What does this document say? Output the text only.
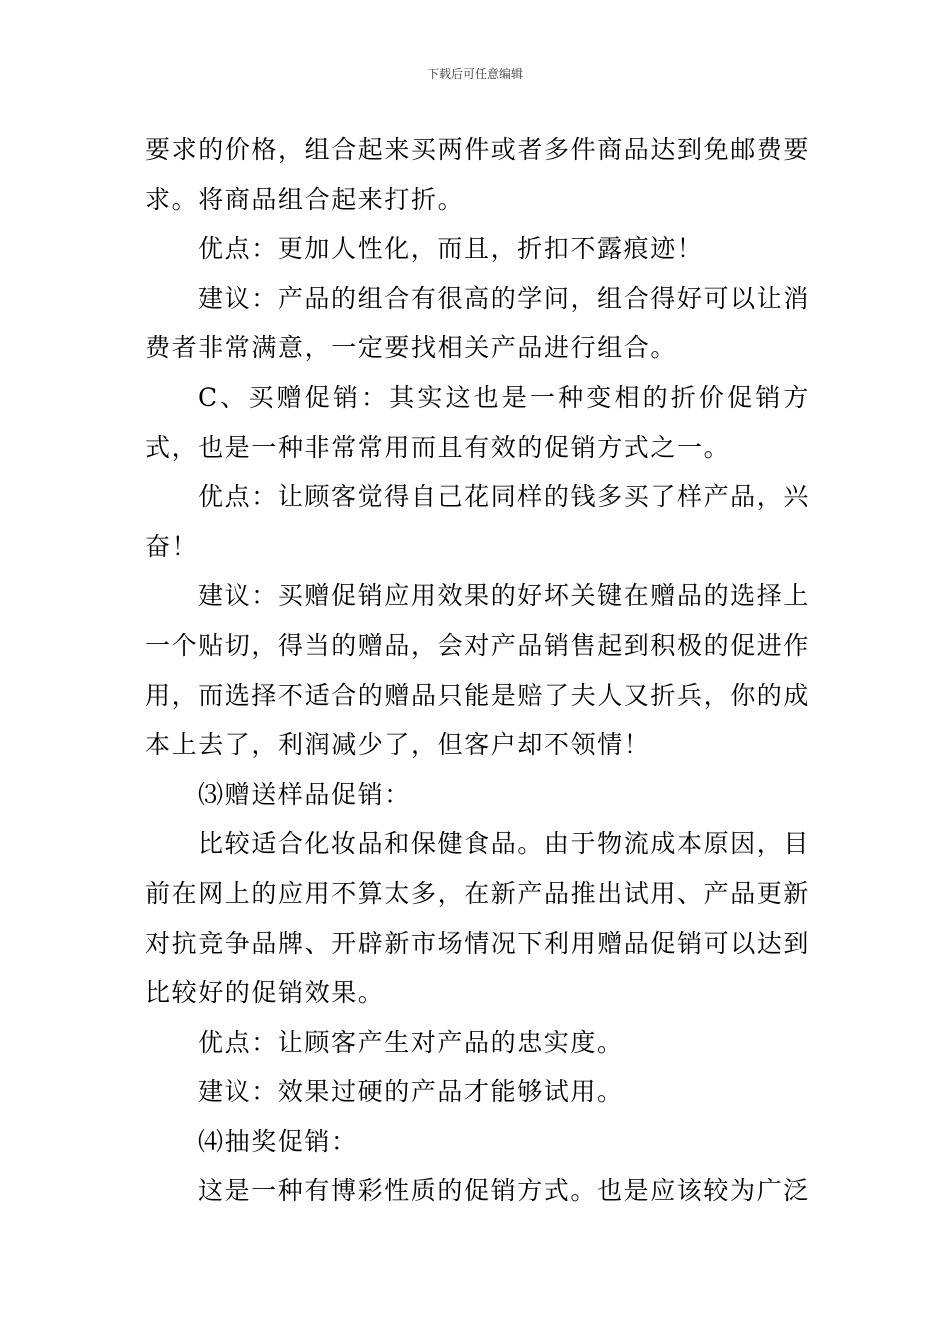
下载后可任意编辑

要求的价格，组合起来买两件或者多件商品达到免邮费要求。将商品组合起来打折。

优点：更加人性化，而且，折扣不露痕迹！

建议：产品的组合有很高的学问，组合得好可以让消费者非常满意，一定要找相关产品进行组合。

C、买赠促销：其实这也是一种变相的折价促销方式，也是一种非常常用而且有效的促销方式之一。

优点：让顾客觉得自己花同样的钱多买了样产品，兴奋！

建议：买赠促销应用效果的好坏关键在赠品的选择上一个贴切，得当的赠品，会对产品销售起到积极的促进作用，而选择不适合的赠品只能是赔了夫人又折兵，你的成本上去了，利润减少了，但客户却不领情！

⑶赠送样品促销：

比较适合化妆品和保健食品。由于物流成本原因，目前在网上的应用不算太多，在新产品推出试用、产品更新对抗竞争品牌、开辟新市场情况下利用赠品促销可以达到比较好的促销效果。

优点：让顾客产生对产品的忠实度。

建议：效果过硬的产品才能够试用。

⑷抽奖促销：

这是一种有博彩性质的促销方式。也是应该较为广泛
